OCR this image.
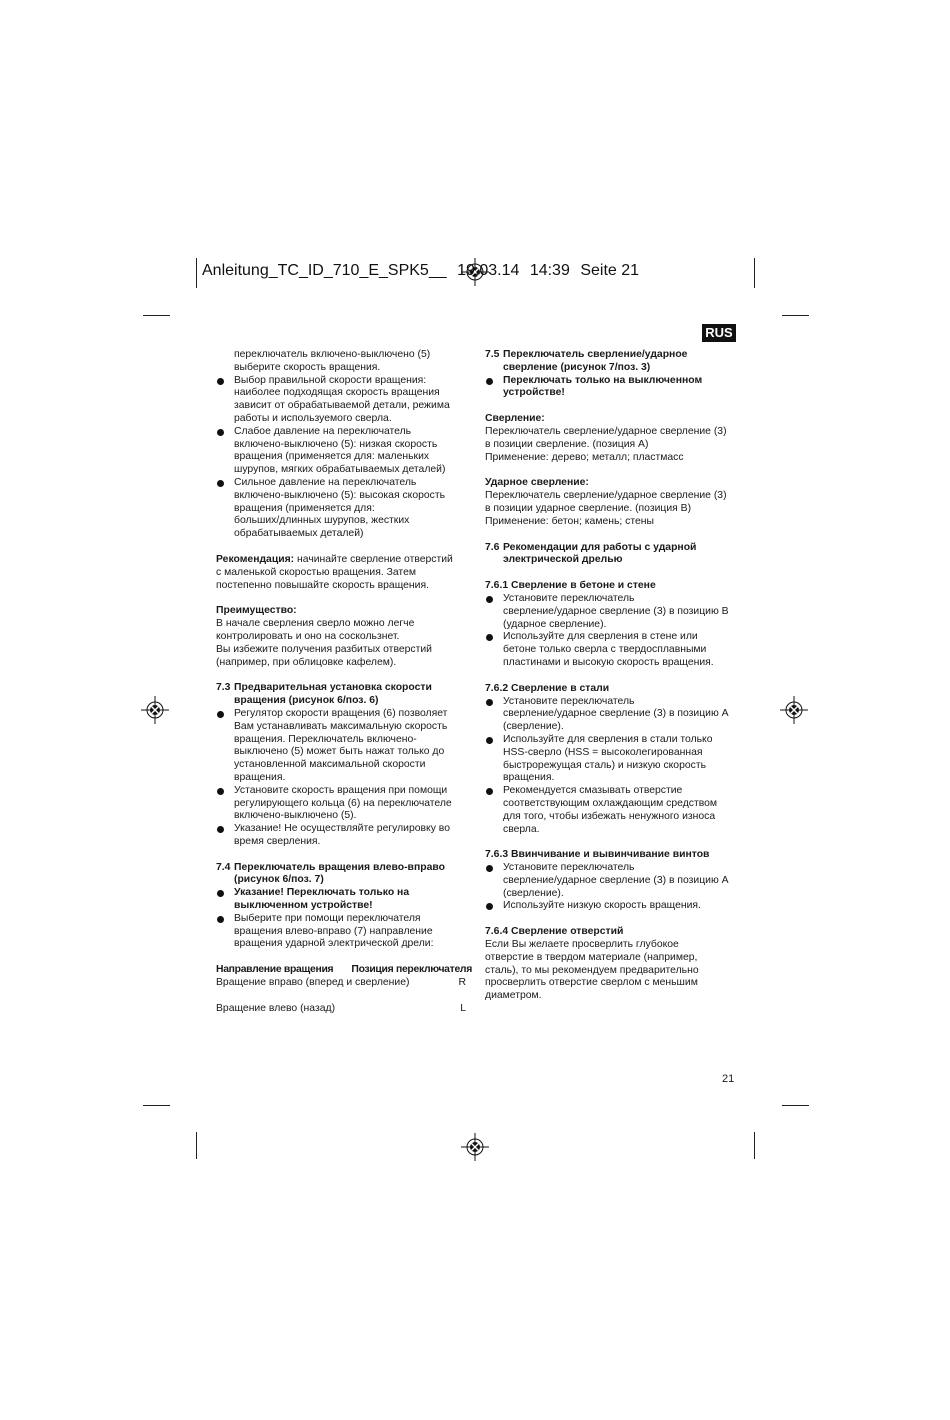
Anleitung_TC_ID_710_E_SPK5__ 19.03.14 14:39 Seite 21
RUS

переключатель включено-выключено (5)

выберите скорость вращения.

Выбор правильной скорости вращения:

наиболее подходящая скорость вращения

зависит от обрабатываемой детали, режима

работы и используемого сверла.

Слабое давление на переключатель

включено-выключено (5): низкая скорость

вращения (применяется для: маленьких

шурупов, мягких обрабатываемых деталей)

Сильное давление на переключатель

включено-выключено (5): высокая скорость

вращения (применяется для:

больших/длинных шурупов, жестких

обрабатываемых деталей)

Рекомендация: начинайте сверление отверстий

с маленькой скоростью вращения. Затем

постепенно повышайте скорость вращения.

Преимущество:

В начале сверления сверло можно легче

контролировать и оно на соскользнет.

Вы избежите получения разбитых отверстий

(например, при облицовке кафелем).

7.3 Предварительная установка скорости

вращения (рисунок 6/поз. 6)

Регулятор скорости вращения (6) позволяет

Вам устанавливать максимальную скорость

вращения. Переключатель включено-

выключено (5) может быть нажат только до

установленной максимальной скорости

вращения.

Установите скорость вращения при помощи

регулирующего кольца (6) на переключателе

включено-выключено (5).

Указание! Не осуществляйте регулировку во

время сверления.

7.4 Переключатель вращения влево-вправо

(рисунок 6/поз. 7)

Указание! Переключать только на

выключенном устройстве!

Выберите при помощи переключателя

вращения влево-вправо (7) направление

вращения ударной электрической дрели:

Направление вращения Позиция переключателя
Вращение вправо (вперед и сверление)	R
Вращение влево (назад)	L
7.5 Переключатель сверление/ударное

сверление (рисунок 7/поз. 3)

Переключать только на выключенном

устройстве!

Сверление:

Переключатель сверление/ударное сверление (3)

в позиции сверление. (позиция А)

Применение: дерево; металл; пластмасс

Ударное сверление:

Переключатель сверление/ударное сверление (3)

в позиции ударное сверление. (позиция В)

Применение: бетон; камень; стены

7.6 Рекомендации для работы с ударной

электрической дрелью

7.6.1 Сверление в бетоне и стене

Установите переключатель

сверление/ударное сверление (3) в позицию В

(ударное сверление).

Используйте для сверления в стене или

бетоне только сверла с твердосплавными

пластинами и высокую скорость вращения.

7.6.2 Сверление в стали

Установите переключатель

сверление/ударное сверление (3) в позицию А

(сверление).

Используйте для сверления в стали только

HSS-сверло (HSS = высоколегированная

быстрорежущая сталь) и низкую скорость

вращения.

Рекомендуется смазывать отверстие

соответствующим охлаждающим средством

для того, чтобы избежать ненужного износа

сверла.

7.6.3 Ввинчивание и вывинчивание винтов

Установите переключатель

сверление/ударное сверление (3) в позицию А

(сверление).

Используйте низкую скорость вращения.

7.6.4 Сверление отверстий

Если Вы желаете просверлить глубокое

отверстие в твердом материале (например,

сталь), то мы рекомендуем предварительно

просверлить отверстие сверлом с меньшим

диаметром.

21
